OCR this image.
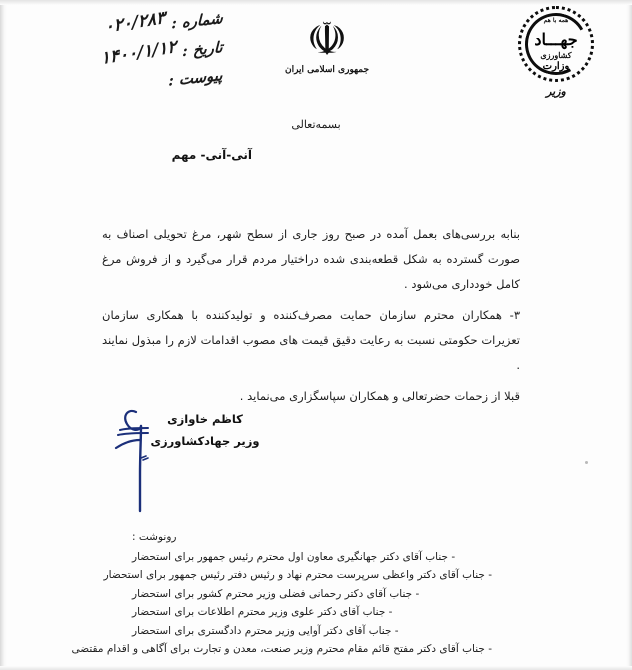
شماره :
۰۲۰/۲۸۳
تاریخ :
۱۴۰۰/۱/۱۲
پیوست :
☫
جمهوری اسلامی ایران
همه با هم
جهـــاد
کشاورزی
وزارت
وزیر
بسمه‌تعالی
آنی-آنی- مهم

بنابه بررسی‌های بعمل آمده در صبح روز جاری از سطح شهر، مرغ تحویلی اصناف به صورت گسترده به شکل قطعه‌بندی شده دراختیار مردم قرار می‌گیرد و از فروش مرغ کامل خودداری می‌شود .

۳- همکاران محترم سازمان حمایت مصرف‌کننده و تولیدکننده با همکاری سازمان تعزیرات حکومتی نسبت به رعایت دقیق قیمت های مصوب اقدامات لازم را مبذول نمایند .

قبلا از زحمات حضرتعالی و همکاران سپاسگزاری می‌نماید .

کاظم خاوازی
وزیر جهادکشاورزی
رونوشت :
- جناب آقای دکتر جهانگیری معاون اول محترم رئیس جمهور برای استحضار
- جناب آقای دکتر واعظی سرپرست محترم نهاد و رئیس دفتر رئیس جمهور برای استحضار
- جناب آقای دکتر رحمانی فضلی وزیر محترم کشور برای استحضار
- جناب آقای دکتر علوی وزیر محترم اطلاعات برای استحضار
- جناب آقای دکتر آوایی وزیر محترم دادگستری برای استحضار
- جناب آقای دکتر مفتح قائم مقام محترم وزیر صنعت، معدن و تجارت برای آگاهی و اقدام مقتضی
